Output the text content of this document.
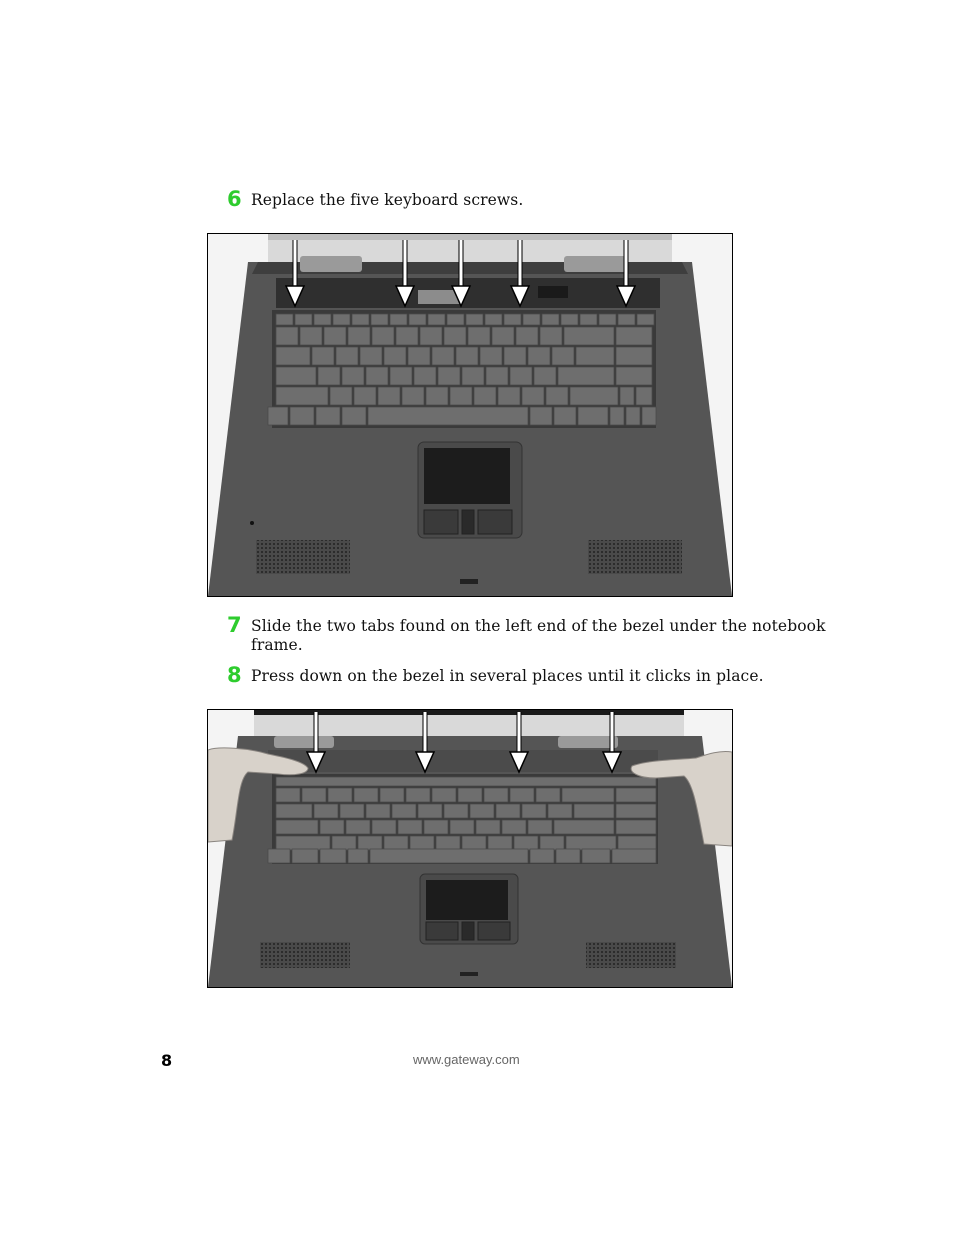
6 Replace the five keyboard screws.
7 Slide the two tabs found on the left end of the bezel under the notebook
frame.
8 Press down on the bezel in several places until it clicks in place.
8	www.gateway.com
